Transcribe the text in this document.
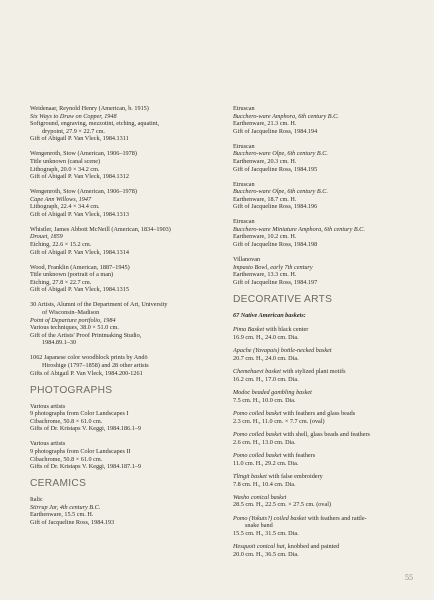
Weidenaar, Reynold Henry (American, b. 1915)
Six Ways to Draw on Copper, 1948
Softground, engraving, mezzotint, etching, aquatint,
drypoint, 27.9 × 22.7 cm.
Gift of Abigail P. Van Vleck, 1984.1311
Wengenroth, Stow (American, 1906–1978)
Title unknown (canal scene)
Lithograph, 20.0 × 34.2 cm.
Gift of Abigail P. Van Vleck, 1984.1312
Wengenroth, Stow (American, 1906–1978)
Cape Ann Willows, 1947
Lithograph, 22.4 × 34.4 cm.
Gift of Abigail P. Van Vleck, 1984.1313
Whistler, James Abbott McNeill (American, 1834–1903)
Drouet, 1859
Etching, 22.6 × 15.2 cm.
Gift of Abigail P. Van Vleck, 1984.1314
Wood, Franklin (American, 1887–1945)
Title unknown (portrait of a man)
Etching, 27.8 × 22.7 cm.
Gift of Abigail P. Van Vleck, 1984.1315
30 Artists, Alumni of the Department of Art, University
of Wisconsin–Madison
Point of Departure portfolio, 1984
Various techniques, 38.0 × 51.0 cm.
Gift of the Artists' Proof Printmaking Studio,
1984.89.1–30
1062 Japanese color woodblock prints by Andō
Hiroshige (1797–1858) and 28 other artists
Gifts of Abigail P. Van Vleck, 1984.200-1261
PHOTOGRAPHS
Various artists
9 photographs from Color Landscapes I
Cibachrome, 50.8 × 61.0 cm.
Gifts of Dr. Kristaps V. Keggi, 1984.186.1–9
Various artists
9 photographs from Color Landscapes II
Cibachrome, 50.8 × 61.0 cm.
Gifts of Dr. Kristaps V. Keggi, 1984.187.1–9
CERAMICS
Italic
Stirrup Jar, 4th century B.C.
Earthenware, 15.5 cm. H.
Gift of Jacqueline Ross, 1984.193
Etruscan
Bucchero-ware Amphora, 6th century B.C.
Earthenware, 21.3 cm. H.
Gift of Jacqueline Ross, 1984.194
Etruscan
Bucchero-ware Olpe, 6th century B.C.
Earthenware, 20.3 cm. H.
Gift of Jacqueline Ross, 1984.195
Etruscan
Bucchero-ware Olpe, 6th century B.C.
Earthenware, 18.7 cm. H.
Gift of Jacqueline Ross, 1984.196
Etruscan
Bucchero-ware Miniature Amphora, 6th century B.C.
Earthenware, 10.2 cm. H.
Gift of Jacqueline Ross, 1984.198
Villanovan
Impasto Bowl, early 7th century
Earthenware, 13.3 cm. H.
Gift of Jacqueline Ross, 1984.197
DECORATIVE ARTS
67 Native American baskets:
Pima Basket with black center
16.9 cm. H., 24.0 cm. Dia.
Apache (Yavapais) bottle-necked basket
20.7 cm. H., 24.0 cm. Dia.
Chemehuevi basket with stylized plant motifs
16.2 cm. H., 17.0 cm. Dia.
Modoc beaded gambling basket
7.5 cm. H., 10.0 cm. Dia.
Pomo coiled basket with feathers and glass beads
2.3 cm. H., 11.0 cm. × 7.7 cm. (oval)
Pomo coiled basket with shell, glass beads and feathers
2.6 cm. H., 13.0 cm. Dia.
Pomo coiled basket with feathers
11.0 cm. H., 29.2 cm. Dia.
Tlingit basket with false embroidery
7.8 cm. H., 10.4 cm. Dia.
Washo conical basket
28.5 cm. H., 22.5 cm. × 27.5 cm. (oval)
Pomo (Yokuts?) coiled basket with feathers and rattle-
snake band
15.5 cm. H., 31.5 cm. Dia.
Hesquoit conical hat, knobbed and painted
20.0 cm. H., 36.5 cm. Dia.
55
